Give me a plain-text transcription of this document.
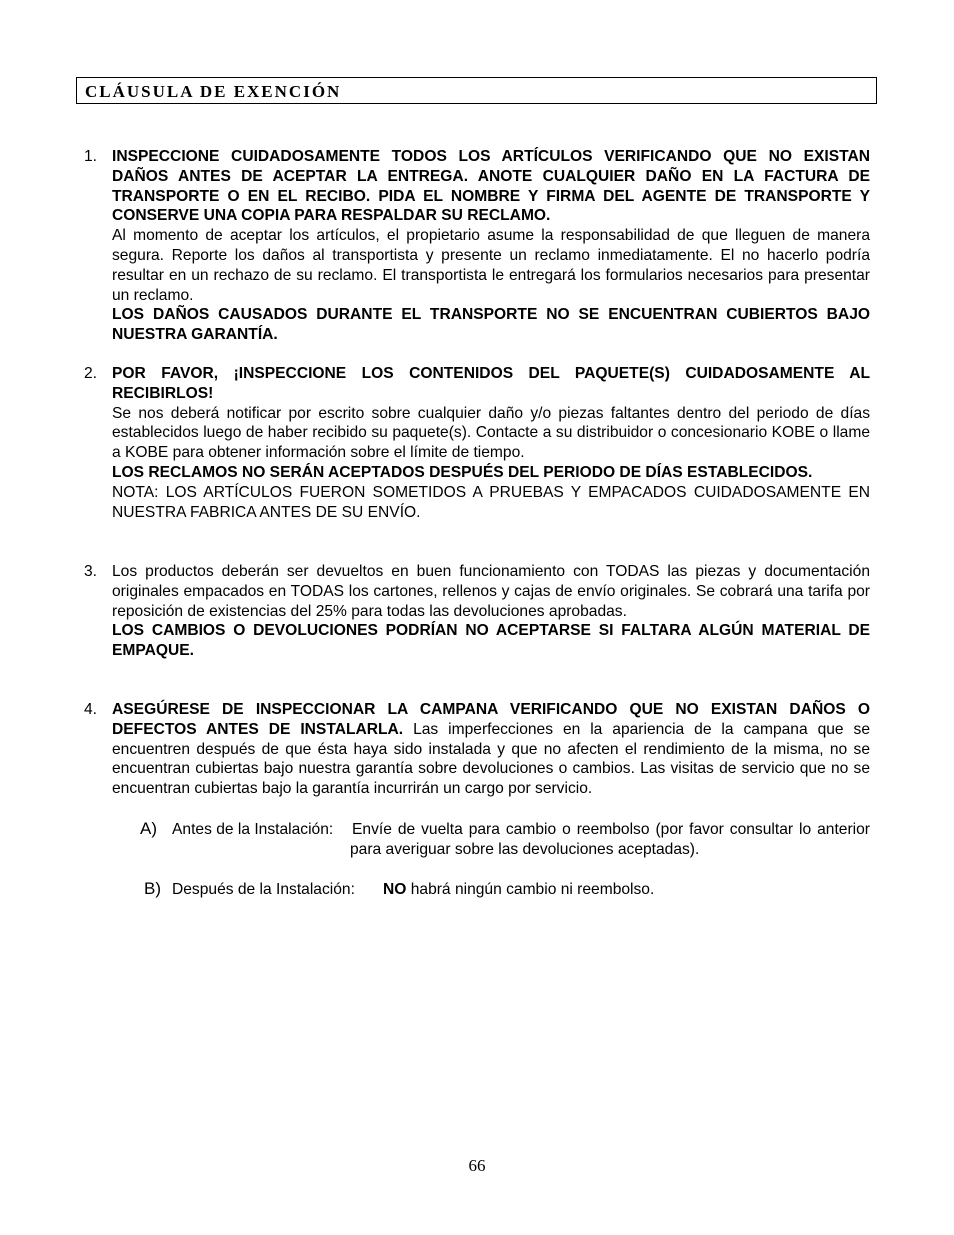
CLÁUSULA DE EXENCIÓN
1. INSPECCIONE CUIDADOSAMENTE TODOS LOS ARTÍCULOS VERIFICANDO QUE NO EXISTAN DAÑOS ANTES DE ACEPTAR LA ENTREGA. ANOTE CUALQUIER DAÑO EN LA FACTURA DE TRANSPORTE O EN EL RECIBO. PIDA EL NOMBRE Y FIRMA DEL AGENTE DE TRANSPORTE Y CONSERVE UNA COPIA PARA RESPALDAR SU RECLAMO.

Al momento de aceptar los artículos, el propietario asume la responsabilidad de que lleguen de manera segura. Reporte los daños al transportista y presente un reclamo inmediatamente. El no hacerlo podría resultar en un rechazo de su reclamo. El transportista le entregará los formularios necesarios para presentar un reclamo.

LOS DAÑOS CAUSADOS DURANTE EL TRANSPORTE NO SE ENCUENTRAN CUBIERTOS BAJO NUESTRA GARANTÍA.

2. POR FAVOR, ¡INSPECCIONE LOS CONTENIDOS DEL PAQUETE(S) CUIDADOSAMENTE AL RECIBIRLOS!

Se nos deberá notificar por escrito sobre cualquier daño y/o piezas faltantes dentro del periodo de días establecidos luego de haber recibido su paquete(s). Contacte a su distribuidor o concesionario KOBE o llame a KOBE para obtener información sobre el límite de tiempo.

LOS RECLAMOS NO SERÁN ACEPTADOS DESPUÉS DEL PERIODO DE DÍAS ESTABLECIDOS.

NOTA: LOS ARTÍCULOS FUERON SOMETIDOS A PRUEBAS Y EMPACADOS CUIDADOSAMENTE EN NUESTRA FABRICA ANTES DE SU ENVÍO.

3. Los productos deberán ser devueltos en buen funcionamiento con TODAS las piezas y documentación originales empacados en TODAS los cartones, rellenos y cajas de envío originales. Se cobrará una tarifa por reposición de existencias del 25% para todas las devoluciones aprobadas.

LOS CAMBIOS O DEVOLUCIONES PODRÍAN NO ACEPTARSE SI FALTARA ALGÚN MATERIAL DE EMPAQUE.

4. ASEGÚRESE DE INSPECCIONAR LA CAMPANA VERIFICANDO QUE NO EXISTAN DAÑOS O DEFECTOS ANTES DE INSTALARLA. Las imperfecciones en la apariencia de la campana que se encuentren después de que ésta haya sido instalada y que no afecten el rendimiento de la misma, no se encuentran cubiertas bajo nuestra garantía sobre devoluciones o cambios. Las visitas de servicio que no se encuentran cubiertas bajo la garantía incurrirán un cargo por servicio.

A) Antes de la Instalación: Envíe de vuelta para cambio o reembolso (por favor consultar lo anterior para averiguar sobre las devoluciones aceptadas).
B) Después de la Instalación: NO habrá ningún cambio ni reembolso.
66
